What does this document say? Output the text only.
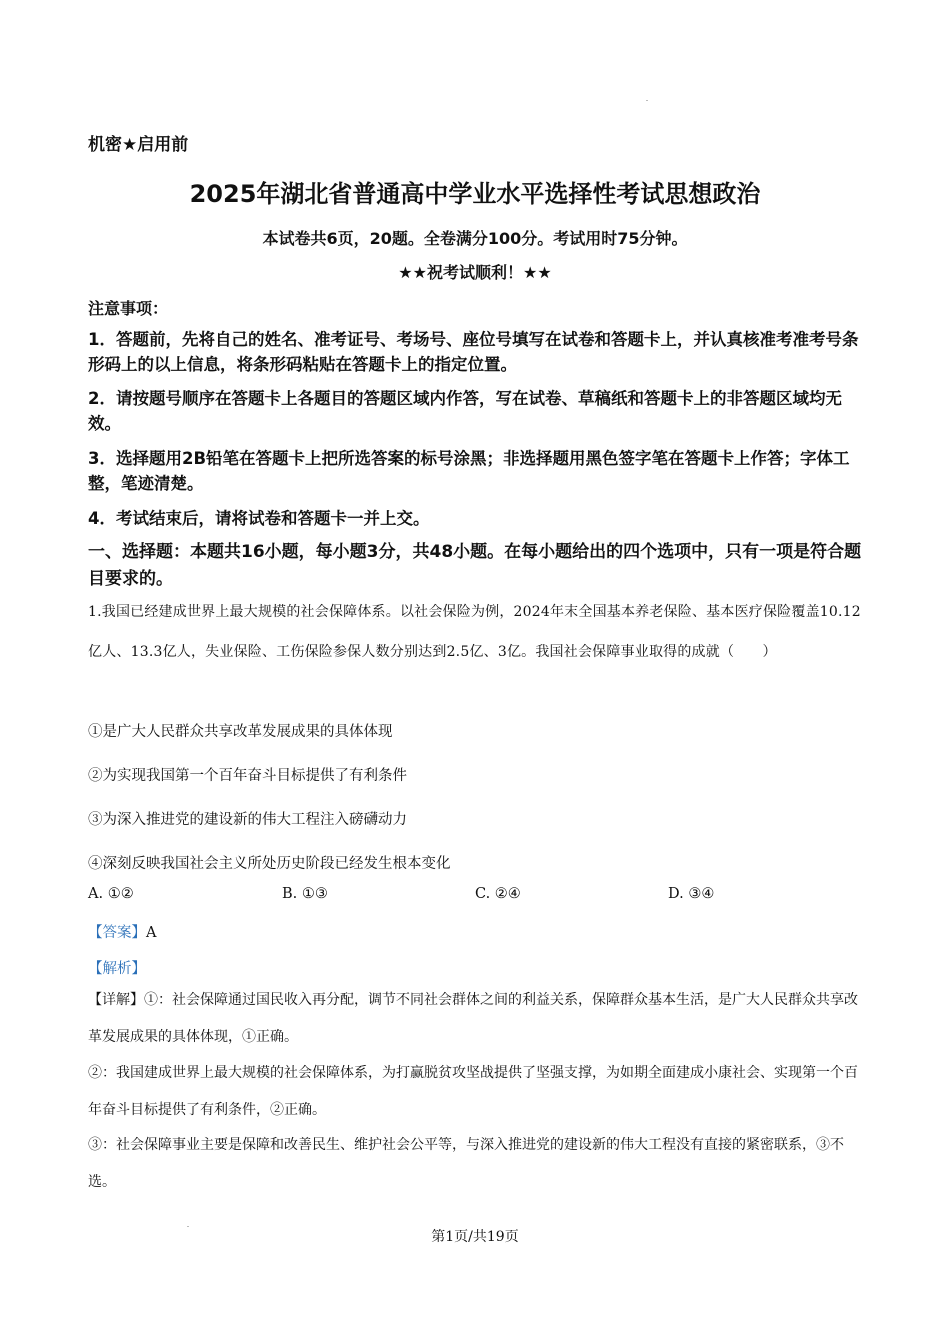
机密★启用前
2025年湖北省普通高中学业水平选择性考试思想政治
本试卷共6页，20题。全卷满分100分。考试用时75分钟。
★★祝考试顺利！★★
注意事项：
1．答题前，先将自己的姓名、准考证号、考场号、座位号填写在试卷和答题卡上，并认真核准考准考号条形码上的以上信息，将条形码粘贴在答题卡上的指定位置。
2．请按题号顺序在答题卡上各题目的答题区域内作答，写在试卷、草稿纸和答题卡上的非答题区域均无效。
3．选择题用2B铅笔在答题卡上把所选答案的标号涂黑；非选择题用黑色签字笔在答题卡上作答；字体工整，笔迹清楚。
4．考试结束后，请将试卷和答题卡一并上交。
一、选择题：本题共16小题，每小题3分，共48小题。在每小题给出的四个选项中，只有一项是符合题目要求的。
1.我国已经建成世界上最大规模的社会保障体系。以社会保险为例，2024年末全国基本养老保险、基本医疗保险覆盖10.12亿人、13.3亿人，失业保险、工伤保险参保人数分别达到2.5亿、3亿。我国社会保障事业取得的成就（　　）
①是广大人民群众共享改革发展成果的具体体现
②为实现我国第一个百年奋斗目标提供了有利条件
③为深入推进党的建设新的伟大工程注入磅礴动力
④深刻反映我国社会主义所处历史阶段已经发生根本变化
A. ①②	B. ①③	C. ②④	D. ③④
【答案】A
【解析】
【详解】①：社会保障通过国民收入再分配，调节不同社会群体之间的利益关系，保障群众基本生活，是广大人民群众共享改革发展成果的具体体现，①正确。
②：我国建成世界上最大规模的社会保障体系，为打赢脱贫攻坚战提供了坚强支撑，为如期全面建成小康社会、实现第一个百年奋斗目标提供了有利条件，②正确。
③：社会保障事业主要是保障和改善民生、维护社会公平等，与深入推进党的建设新的伟大工程没有直接的紧密联系，③不选。
第1页/共19页
